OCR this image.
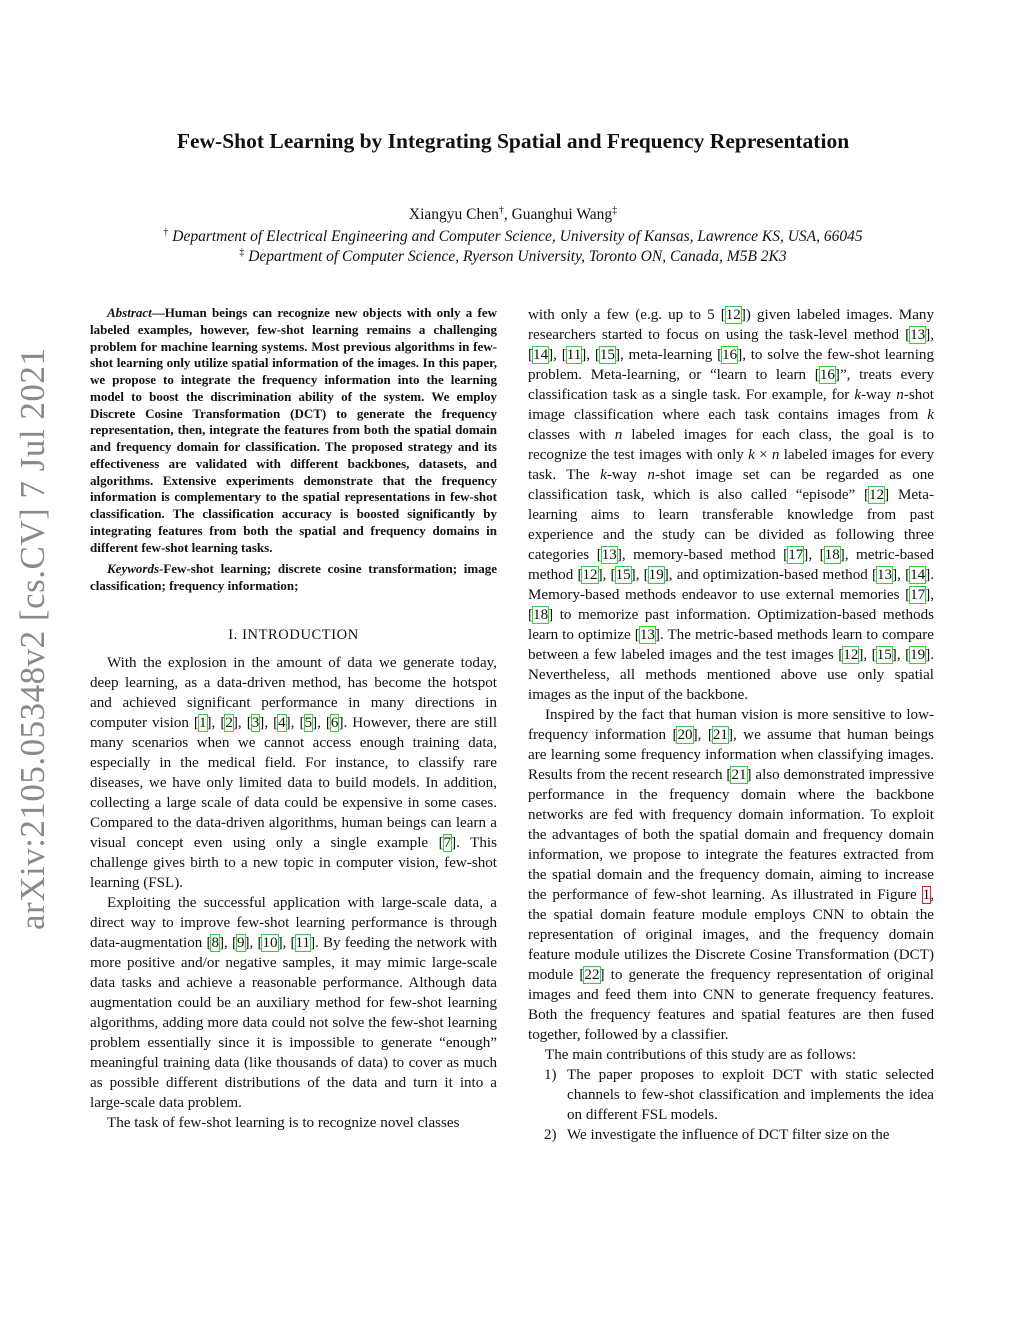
arXiv:2105.05348v2 [cs.CV] 7 Jul 2021
Few-Shot Learning by Integrating Spatial and Frequency Representation
Xiangyu Chen†, Guanghui Wang‡
† Department of Electrical Engineering and Computer Science, University of Kansas, Lawrence KS, USA, 66045
‡ Department of Computer Science, Ryerson University, Toronto ON, Canada, M5B 2K3

Abstract—Human beings can recognize new objects with only a few labeled examples, however, few-shot learning remains a challenging problem for machine learning systems. Most previous algorithms in few-shot learning only utilize spatial information of the images. In this paper, we propose to integrate the frequency information into the learning model to boost the discrimination ability of the system. We employ Discrete Cosine Transformation (DCT) to generate the frequency representation, then, integrate the features from both the spatial domain and frequency domain for classification. The proposed strategy and its effectiveness are validated with different backbones, datasets, and algorithms. Extensive experiments demonstrate that the frequency information is complementary to the spatial representations in few-shot classification. The classification accuracy is boosted significantly by integrating features from both the spatial and frequency domains in different few-shot learning tasks.

Keywords-Few-shot learning; discrete cosine transformation; image classification; frequency information;

I. INTRODUCTION

With the explosion in the amount of data we generate today, deep learning, as a data-driven method, has become the hotspot and achieved significant performance in many directions in computer vision [ 1 ] , [ 2 ] , [ 3 ] , [ 4 ] , [ 5 ] , [ 6 ] . However, there are still many scenarios when we cannot access enough training data, especially in the medical field. For instance, to classify rare diseases, we have only limited data to build models. In addition, collecting a large scale of data could be expensive in some cases. Compared to the data-driven algorithms, human beings can learn a visual concept even using only a single example [ 7 ] . This challenge gives birth to a new topic in computer vision, few-shot learning (FSL).

Exploiting the successful application with large-scale data, a direct way to improve few-shot learning performance is through data-augmentation [ 8 ] , [ 9 ] , [ 10 ] , [ 11 ] . By feeding the network with more positive and/or negative samples, it may mimic large-scale data tasks and achieve a reasonable performance. Although data augmentation could be an auxiliary method for few-shot learning algorithms, adding more data could not solve the few-shot learning problem essentially since it is impossible to generate “enough” meaningful training data (like thousands of data) to cover as much as possible different distributions of the data and turn it into a large-scale data problem.

The task of few-shot learning is to recognize novel classes

with only a few (e.g. up to 5 [ 12 ] ) given labeled images. Many researchers started to focus on using the task-level method [ 13 ] , [ 14 ] , [ 11 ] , [ 15 ] , meta-learning [ 16 ] , to solve the few-shot learning problem. Meta-learning, or “learn to learn [ 16 ] ”, treats every classification task as a single task. For example, for k-way n-shot image classification where each task contains images from k classes with n labeled images for each class, the goal is to recognize the test images with only k × n labeled images for every task. The k-way n-shot image set can be regarded as one classification task, which is also called “episode” [ 12 ] Meta-learning aims to learn transferable knowledge from past experience and the study can be divided as following three categories [ 13 ] , memory-based method [ 17 ] , [ 18 ] , metric-based method [ 12 ] , [ 15 ] , [ 19 ] , and optimization-based method [ 13 ] , [ 14 ] . Memory-based methods endeavor to use external memories [ 17 ] , [ 18 ] to memorize past information. Optimization-based methods learn to optimize [ 13 ] . The metric-based methods learn to compare between a few labeled images and the test images [ 12 ] , [ 15 ] , [ 19 ] . Nevertheless, all methods mentioned above use only spatial images as the input of the backbone.

Inspired by the fact that human vision is more sensitive to low-frequency information [ 20 ] , [ 21 ] , we assume that human beings are learning some frequency information when classifying images. Results from the recent research [ 21 ] also demonstrated impressive performance in the frequency domain where the backbone networks are fed with frequency domain information. To exploit the advantages of both the spatial domain and frequency domain information, we propose to integrate the features extracted from the spatial domain and the frequency domain, aiming to increase the performance of few-shot learning. As illustrated in Figure 1, the spatial domain feature module employs CNN to obtain the representation of original images, and the frequency domain feature module utilizes the Discrete Cosine Transformation (DCT) module [ 22 ] to generate the frequency representation of original images and feed them into CNN to generate frequency features. Both the frequency features and spatial features are then fused together, followed by a classifier.

The main contributions of this study are as follows:

1) The paper proposes to exploit DCT with static selected channels to few-shot classification and implements the idea on different FSL models.
2) We investigate the influence of DCT filter size on the
